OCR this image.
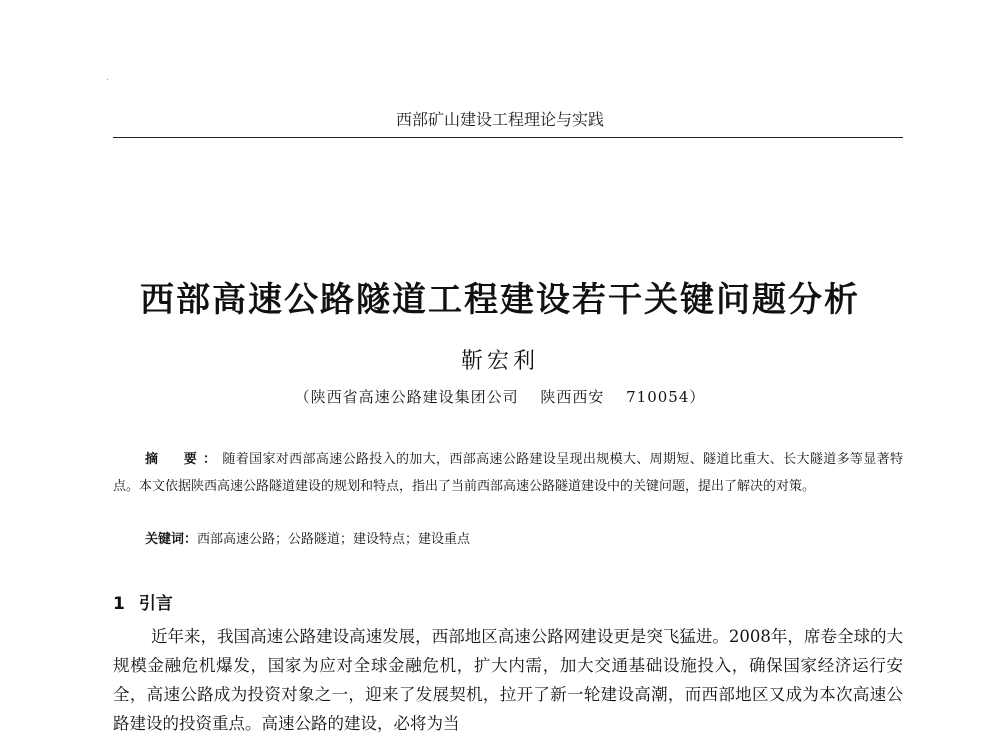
西部矿山建设工程理论与实践
西部高速公路隧道工程建设若干关键问题分析
靳宏利
（陕西省高速公路建设集团公司　 陕西西安　 710054）
摘　要：随着国家对西部高速公路投入的加大，西部高速公路建设呈现出规模大、周期短、隧道比重大、长大隧道多等显著特点。本文依据陕西高速公路隧道建设的规划和特点，指出了当前西部高速公路隧道建设中的关键问题，提出了解决的对策。
关键词：西部高速公路；公路隧道；建设特点；建设重点
1 引言
近年来，我国高速公路建设高速发展，西部地区高速公路网建设更是突飞猛进。2008年，席卷全球的大规模金融危机爆发，国家为应对全球金融危机，扩大内需，加大交通基础设施投入，确保国家经济运行安全，高速公路成为投资对象之一，迎来了发展契机，拉开了新一轮建设高潮，而西部地区又成为本次高速公路建设的投资重点。高速公路的建设，必将为当
